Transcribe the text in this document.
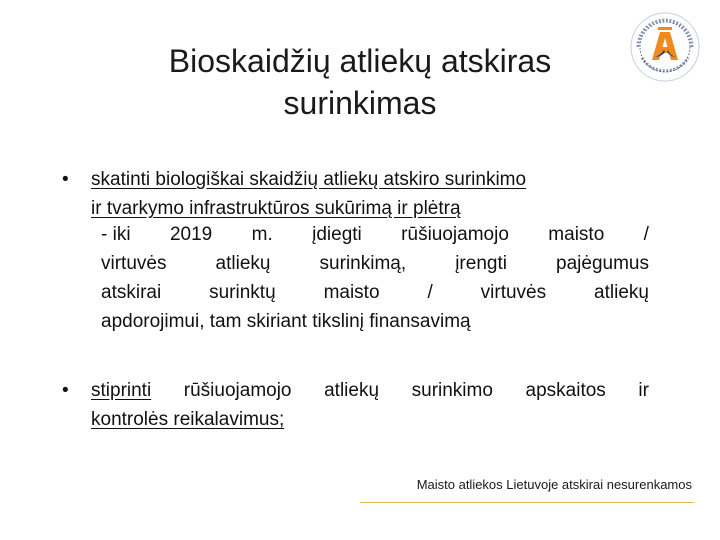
Bioskaidžių atliekų atskiras
surinkimas
•	skatinti biologiškai skaidžių atliekų atskiro surinkimo
ir tvarkymo infrastruktūros sukūrimą ir plėtrą
- iki 2019 m. įdiegti rūšiuojamojo maisto /
virtuvės	atliekų	surinkimą,	įrengti	pajėgumus
atskirai	surinktų	maisto	/	virtuvės	atliekų
apdorojimui, tam skiriant tikslinį finansavimą
•	stiprinti rūšiuojamojo atliekų surinkimo apskaitos ir
kontrolės reikalavimus;
Maisto atliekos Lietuvoje atskirai nesurenkamos
